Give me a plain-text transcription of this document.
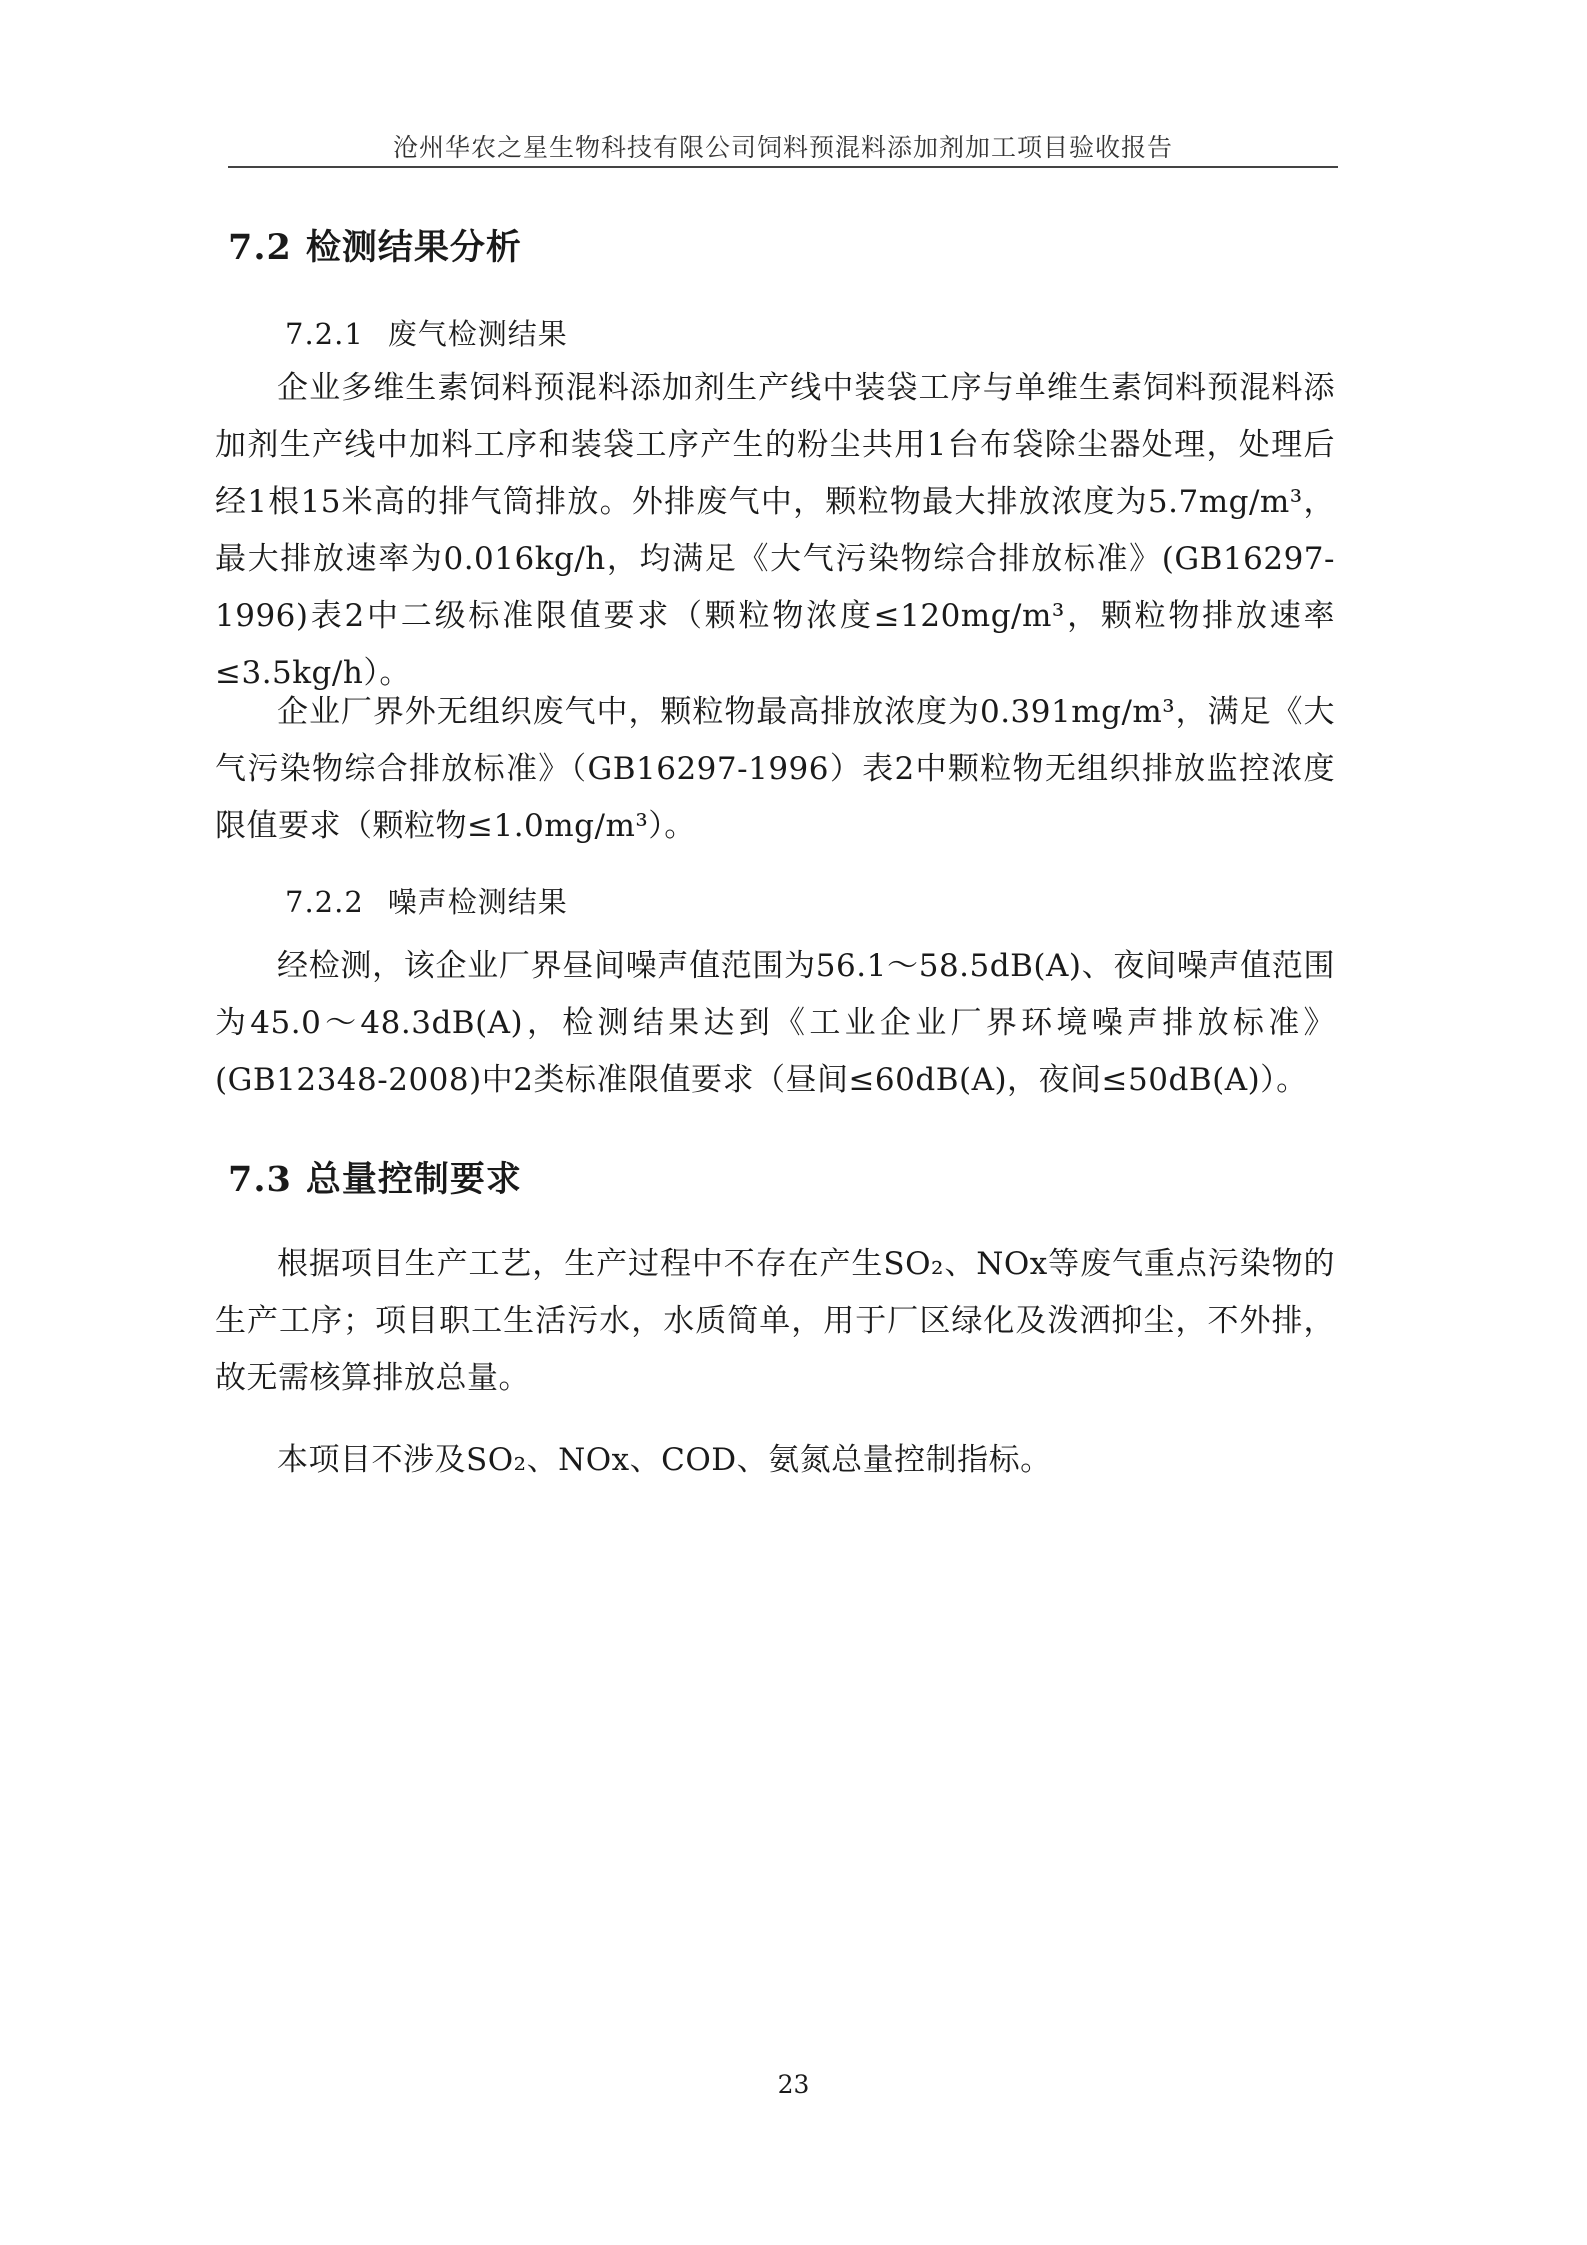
沧州华农之星生物科技有限公司饲料预混料添加剂加工项目验收报告
7.2 检测结果分析
7.2.1 废气检测结果
企业多维生素饲料预混料添加剂生产线中装袋工序与单维生素饲料预混料添加剂生产线中加料工序和装袋工序产生的粉尘共用1台布袋除尘器处理，处理后经1根15米高的排气筒排放。外排废气中，颗粒物最大排放浓度为5.7mg/m³，最大排放速率为0.016kg/h，均满足《大气污染物综合排放标准》(GB16297-1996)表2中二级标准限值要求（颗粒物浓度≤120mg/m³，颗粒物排放速率≤3.5kg/h）。
企业厂界外无组织废气中，颗粒物最高排放浓度为0.391mg/m³，满足《大气污染物综合排放标准》（GB16297-1996）表2中颗粒物无组织排放监控浓度限值要求（颗粒物≤1.0mg/m³）。
7.2.2 噪声检测结果
经检测，该企业厂界昼间噪声值范围为56.1～58.5dB(A)、夜间噪声值范围为45.0～48.3dB(A)，检测结果达到《工业企业厂界环境噪声排放标准》(GB12348-2008)中2类标准限值要求（昼间≤60dB(A)，夜间≤50dB(A)）。
7.3 总量控制要求
根据项目生产工艺，生产过程中不存在产生SO₂、NOx等废气重点污染物的生产工序；项目职工生活污水，水质简单，用于厂区绿化及泼洒抑尘，不外排，故无需核算排放总量。
本项目不涉及SO₂、NOx、COD、氨氮总量控制指标。
23
